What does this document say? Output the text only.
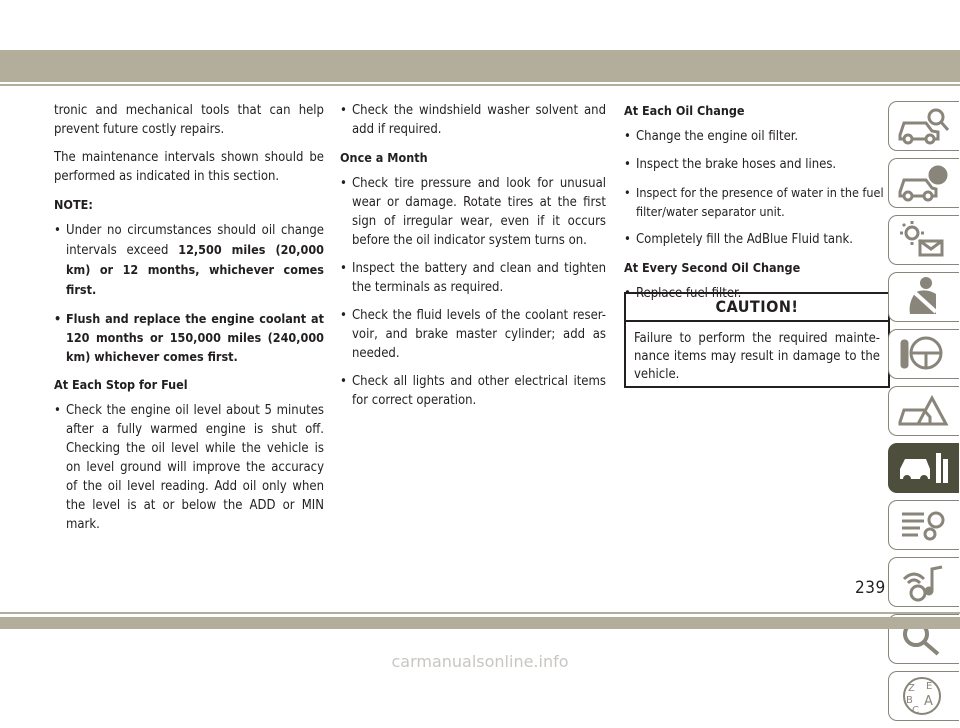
tronic and mechanical tools that can help prevent future costly repairs.

The maintenance intervals shown should be performed as indicated in this section.

NOTE:

• Under no circumstances should oil change intervals exceed 12,500 miles (20,000 km) or 12 months, whichever comes first.

• Flush and replace the engine coolant at 120 months or 150,000 miles (240,000 km) whichever comes first.

At Each Stop for Fuel

• Check the engine oil level about 5 minutes after a fully warmed engine is shut off. Checking the oil level while the vehicle is on level ground will improve the accuracy of the oil level reading. Add oil only when the level is at or below the ADD or MIN mark.

• Check the windshield washer solvent and add if required.

Once a Month

• Check tire pressure and look for unusual wear or damage. Rotate tires at the first sign of irregular wear, even if it occurs before the oil indicator system turns on.

• Inspect the battery and clean and tighten the terminals as required.

• Check the fluid levels of the coolant reser-voir, and brake master cylinder; add as needed.

• Check all lights and other electrical items for correct operation.

At Each Oil Change

• Change the engine oil filter.

• Inspect the brake hoses and lines.

• Inspect for the presence of water in the fuel filter/water separator unit.

• Completely fill the AdBlue Fluid tank.

At Every Second Oil Change

• Replace fuel filter.

CAUTION!
Failure to perform the required mainte-nance items may result in damage to the vehicle.
Z E
B A
C
239
carmanualsonline.info
